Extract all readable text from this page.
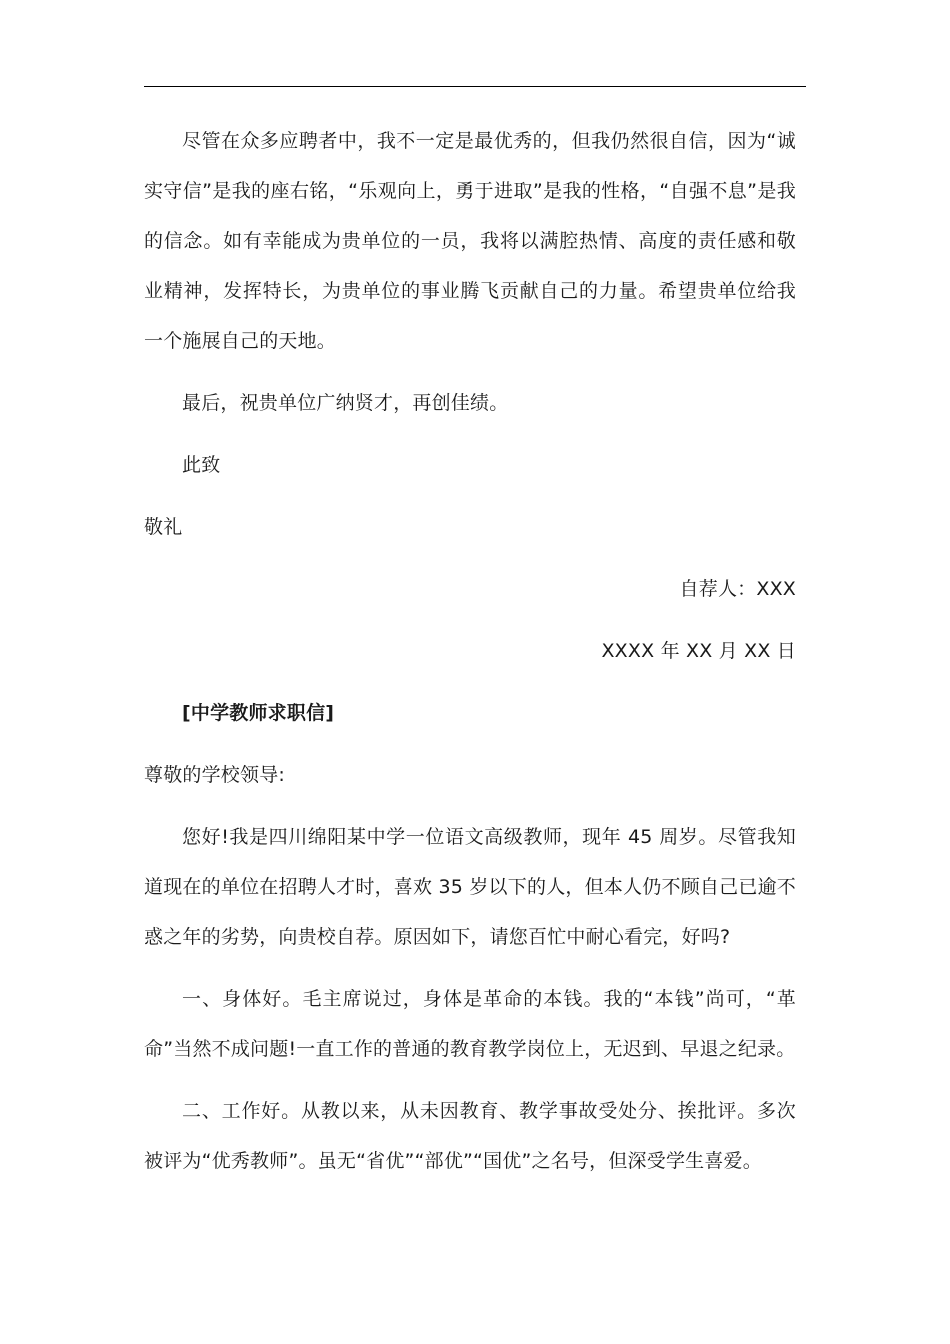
尽管在众多应聘者中，我不一定是最优秀的，但我仍然很自信，因为“诚实守信”是我的座右铭，“乐观向上，勇于进取”是我的性格，“自强不息”是我的信念。如有幸能成为贵单位的一员，我将以满腔热情、高度的责任感和敬业精神，发挥特长，为贵单位的事业腾飞贡献自己的力量。希望贵单位给我一个施展自己的天地。

最后，祝贵单位广纳贤才，再创佳绩。

此致

敬礼

自荐人：XXX

XXXX 年 XX 月 XX 日

[中学教师求职信]

尊敬的学校领导:

您好!我是四川绵阳某中学一位语文高级教师，现年 45 周岁。尽管我知道现在的单位在招聘人才时，喜欢 35 岁以下的人，但本人仍不顾自己已逾不惑之年的劣势，向贵校自荐。原因如下，请您百忙中耐心看完，好吗?

一、身体好。毛主席说过，身体是革命的本钱。我的“本钱”尚可，“革命”当然不成问题!一直工作的普通的教育教学岗位上，无迟到、早退之纪录。

二、工作好。从教以来，从未因教育、教学事故受处分、挨批评。多次被评为“优秀教师”。虽无“省优”“部优”“国优”之名号，但深受学生喜爱。
